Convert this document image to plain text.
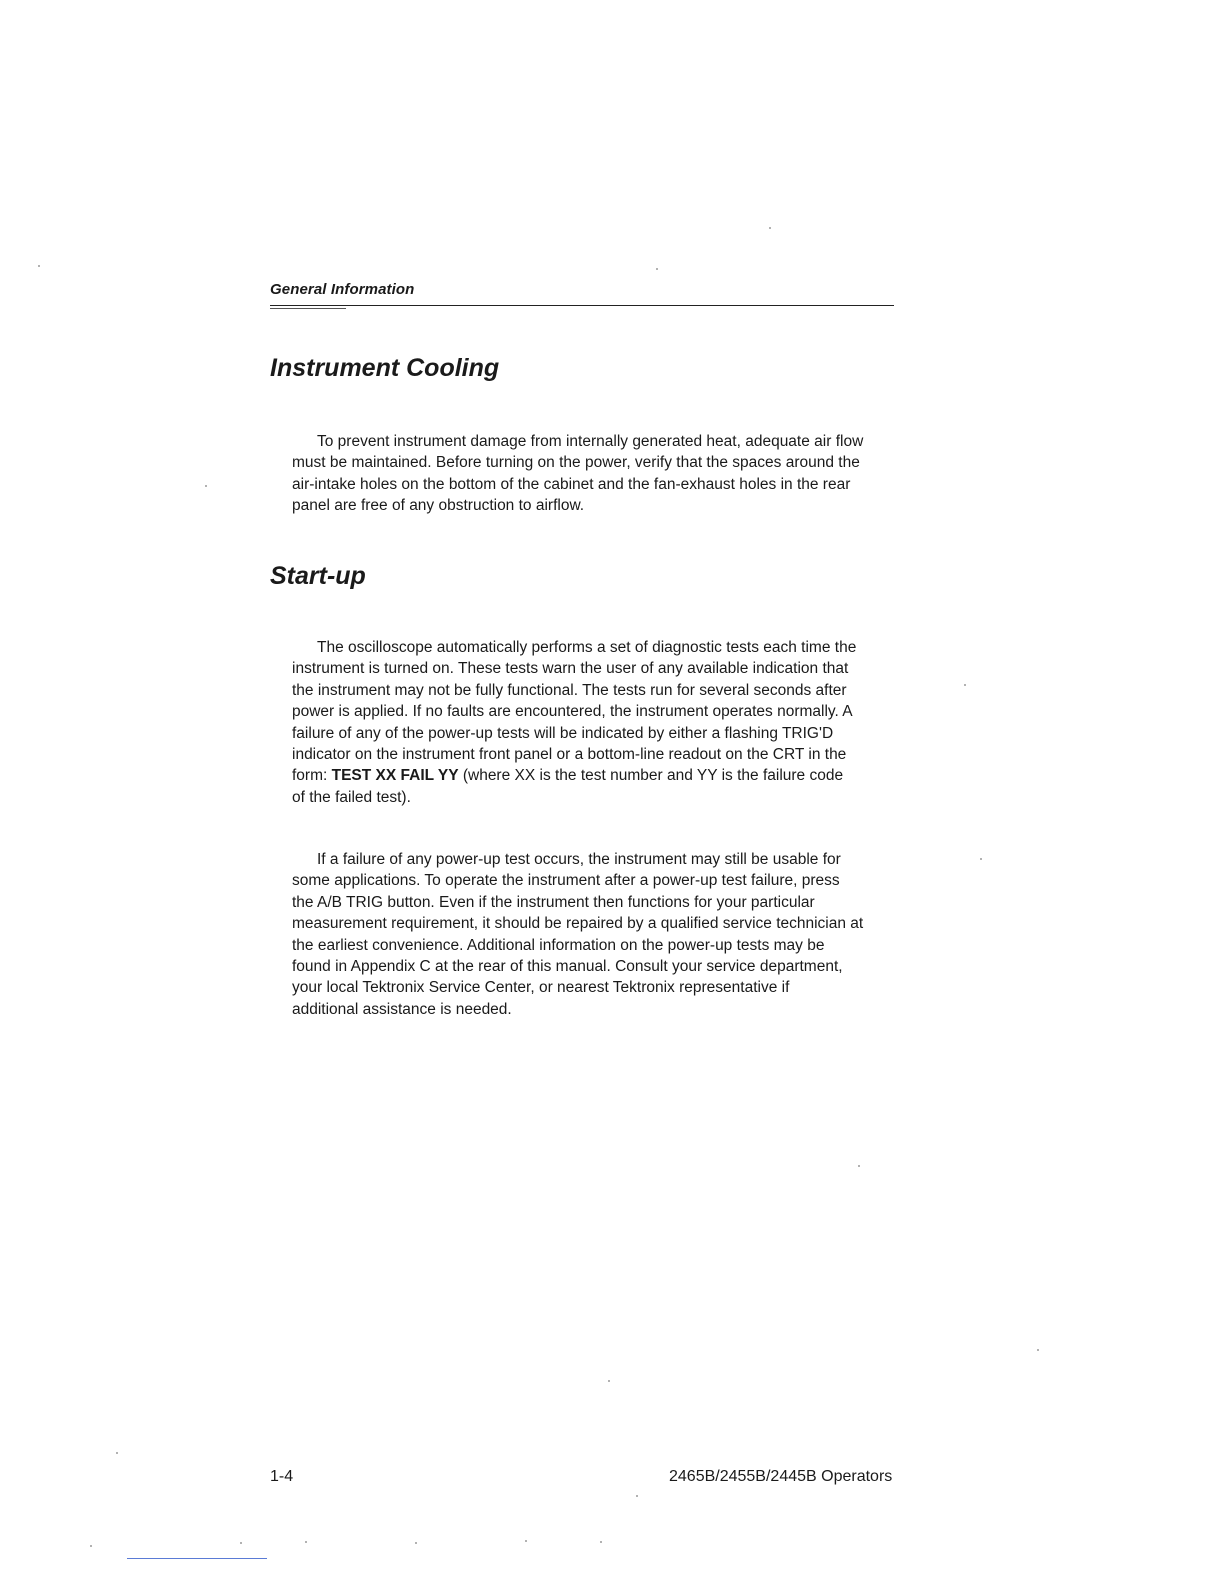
General Information
Instrument Cooling

To prevent instrument damage from internally generated heat, adequate air flow
must be maintained. Before turning on the power, verify that the spaces around the
air-intake holes on the bottom of the cabinet and the fan-exhaust holes in the rear
panel are free of any obstruction to airflow.

Start-up

The oscilloscope automatically performs a set of diagnostic tests each time the
instrument is turned on. These tests warn the user of any available indication that
the instrument may not be fully functional. The tests run for several seconds after
power is applied. If no faults are encountered, the instrument operates normally. A
failure of any of the power-up tests will be indicated by either a flashing TRIG'D
indicator on the instrument front panel or a bottom-line readout on the CRT in the
form: TEST XX FAIL YY (where XX is the test number and YY is the failure code
of the failed test).

If a failure of any power-up test occurs, the instrument may still be usable for
some applications. To operate the instrument after a power-up test failure, press
the A/B TRIG button. Even if the instrument then functions for your particular
measurement requirement, it should be repaired by a qualified service technician at
the earliest convenience. Additional information on the power-up tests may be
found in Appendix C at the rear of this manual. Consult your service department,
your local Tektronix Service Center, or nearest Tektronix representative if
additional assistance is needed.

1-4	2465B/2455B/2445B Operators
